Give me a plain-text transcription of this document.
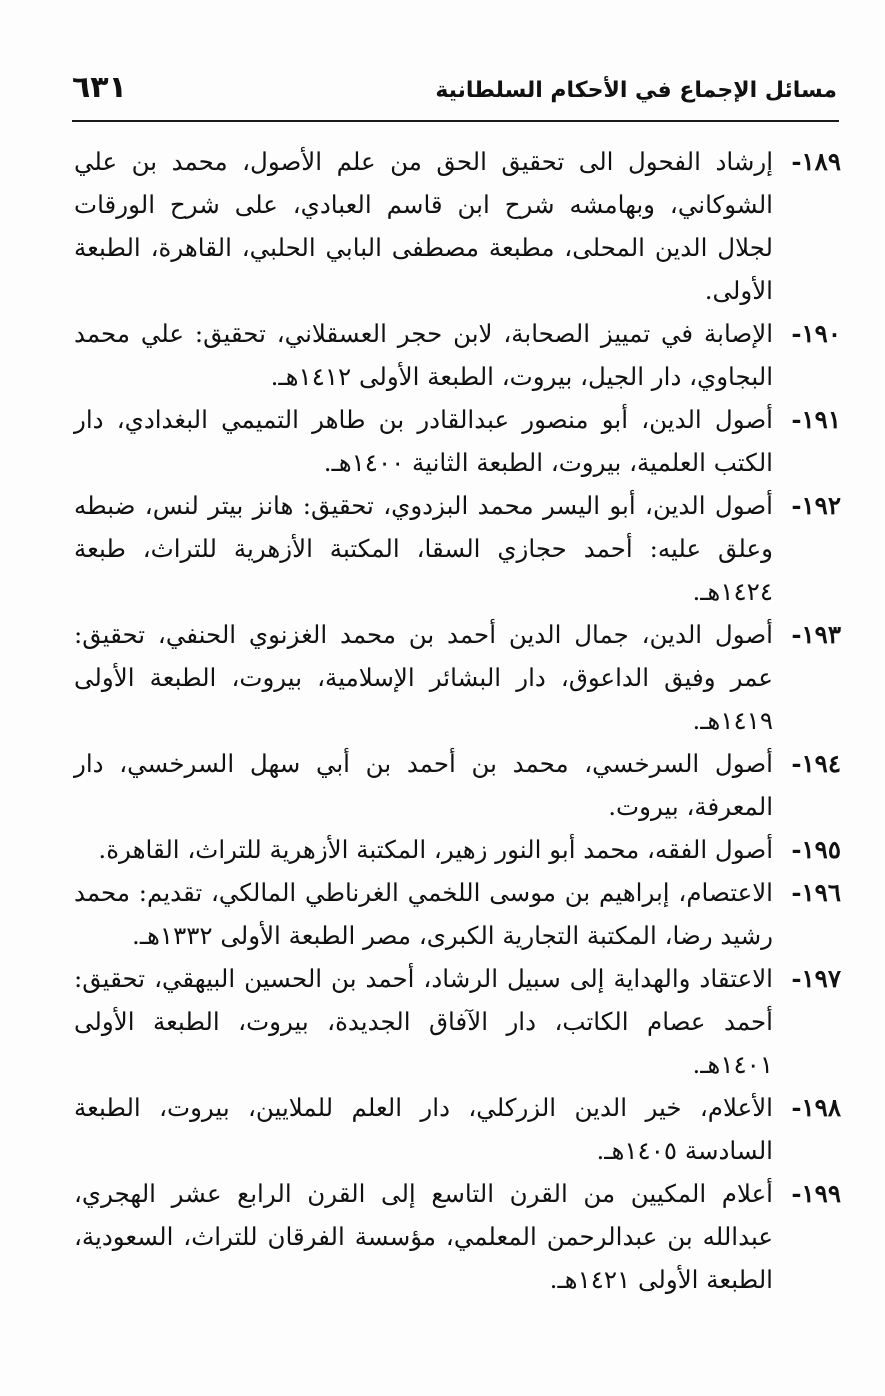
مسائل الإجماع في الأحكام السلطانية
٦٣١
١٨٩-
إرشاد الفحول الى تحقيق الحق من علم الأصول، محمد بن علي الشوكاني، وبهامشه شرح ابن قاسم العبادي، على شرح الورقات لجلال الدين المحلى، مطبعة مصطفى البابي الحلبي، القاهرة، الطبعة الأولى.
١٩٠-
الإصابة في تمييز الصحابة، لابن حجر العسقلاني، تحقيق: علي محمد البجاوي، دار الجيل، بيروت، الطبعة الأولى ١٤١٢هـ.
١٩١-
أصول الدين، أبو منصور عبدالقادر بن طاهر التميمي البغدادي، دار الكتب العلمية، بيروت، الطبعة الثانية ١٤٠٠هـ.
١٩٢-
أصول الدين، أبو اليسر محمد البزدوي، تحقيق: هانز بيتر لنس، ضبطه وعلق عليه: أحمد حجازي السقا، المكتبة الأزهرية للتراث، طبعة ١٤٢٤هـ.
١٩٣-
أصول الدين، جمال الدين أحمد بن محمد الغزنوي الحنفي، تحقيق: عمر وفيق الداعوق، دار البشائر الإسلامية، بيروت، الطبعة الأولى ١٤١٩هـ.
١٩٤-
أصول السرخسي، محمد بن أحمد بن أبي سهل السرخسي، دار المعرفة، بيروت.
١٩٥-
أصول الفقه، محمد أبو النور زهير، المكتبة الأزهرية للتراث، القاهرة.
١٩٦-
الاعتصام، إبراهيم بن موسى اللخمي الغرناطي المالكي، تقديم: محمد رشيد رضا، المكتبة التجارية الكبرى، مصر الطبعة الأولى ١٣٣٢هـ.
١٩٧-
الاعتقاد والهداية إلى سبيل الرشاد، أحمد بن الحسين البيهقي، تحقيق: أحمد عصام الكاتب، دار الآفاق الجديدة، بيروت، الطبعة الأولى ١٤٠١هـ.
١٩٨-
الأعلام، خير الدين الزركلي، دار العلم للملايين، بيروت، الطبعة السادسة ١٤٠٥هـ.
١٩٩-
أعلام المكيين من القرن التاسع إلى القرن الرابع عشر الهجري، عبدالله بن عبدالرحمن المعلمي، مؤسسة الفرقان للتراث، السعودية، الطبعة الأولى ١٤٢١هـ.
